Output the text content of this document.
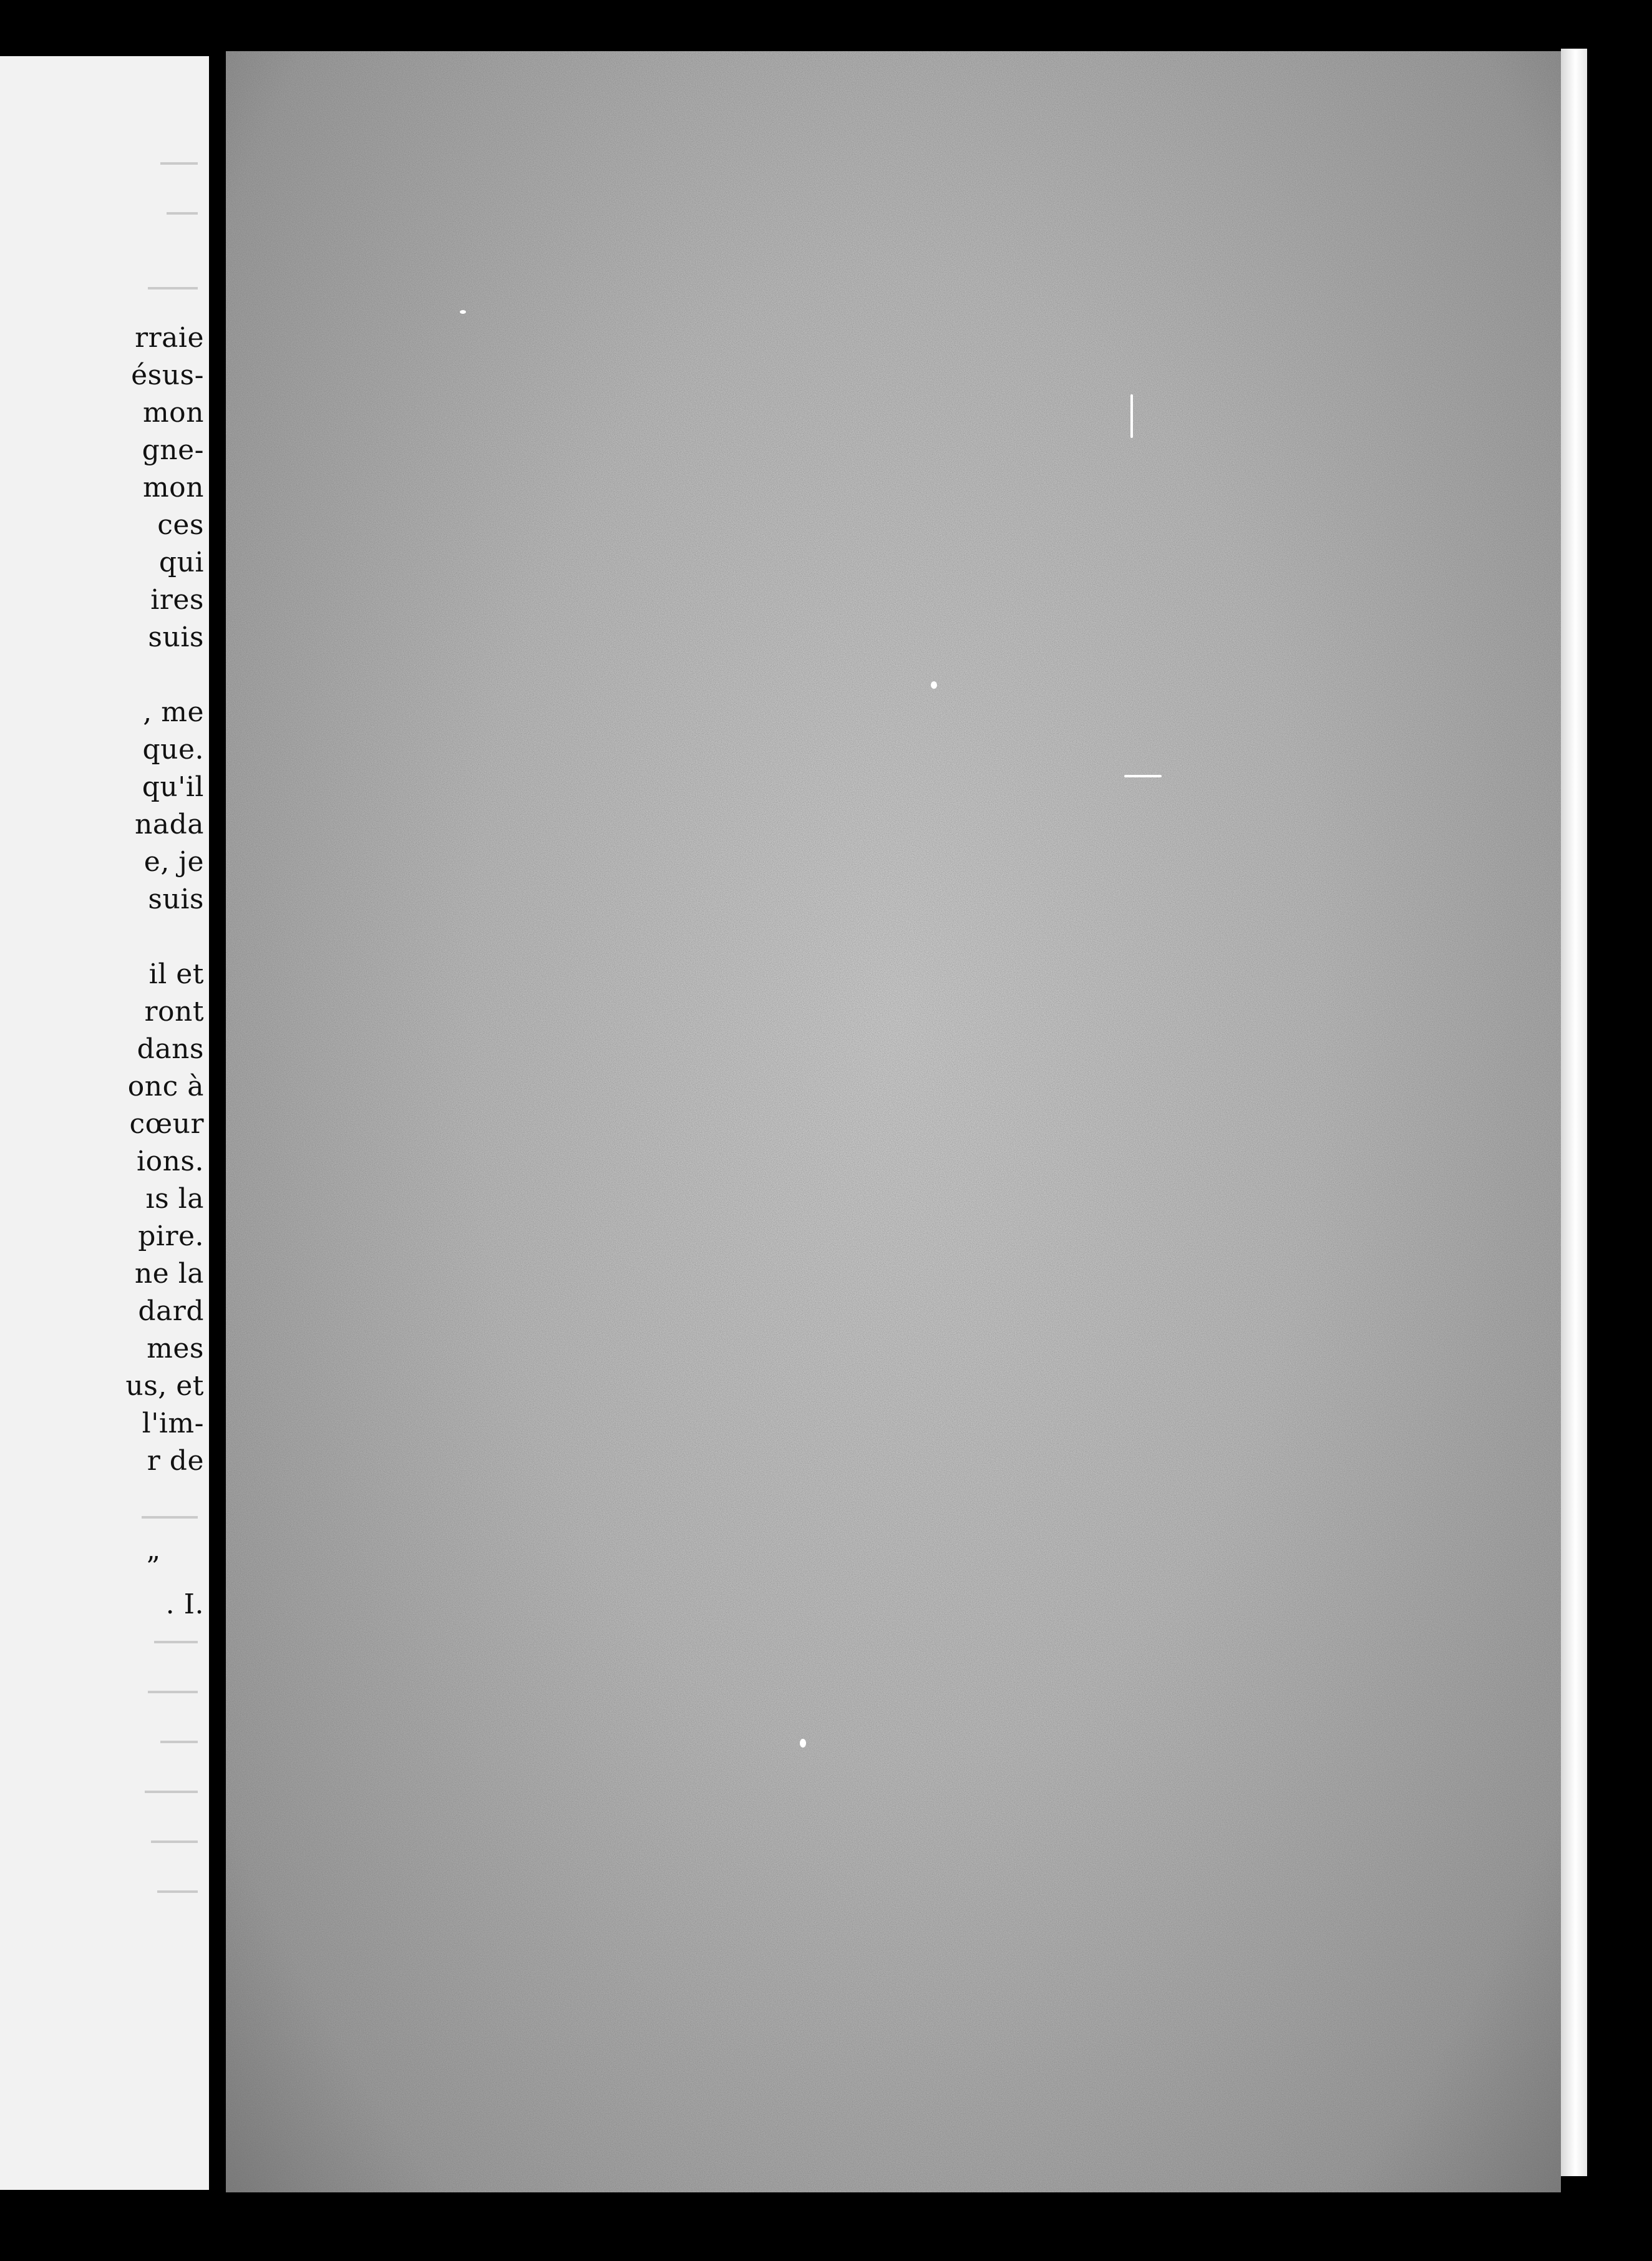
rraie
ésus-
mon
gne-
mon
ces
qui
ires
suis
, me
que.
qu'il
nada
e, je
suis
il et
ront
dans
onc à
cœur
ions.
ıs la
pire.
ne la
dard
mes
us, et
l'im-
r de
”
. I.
